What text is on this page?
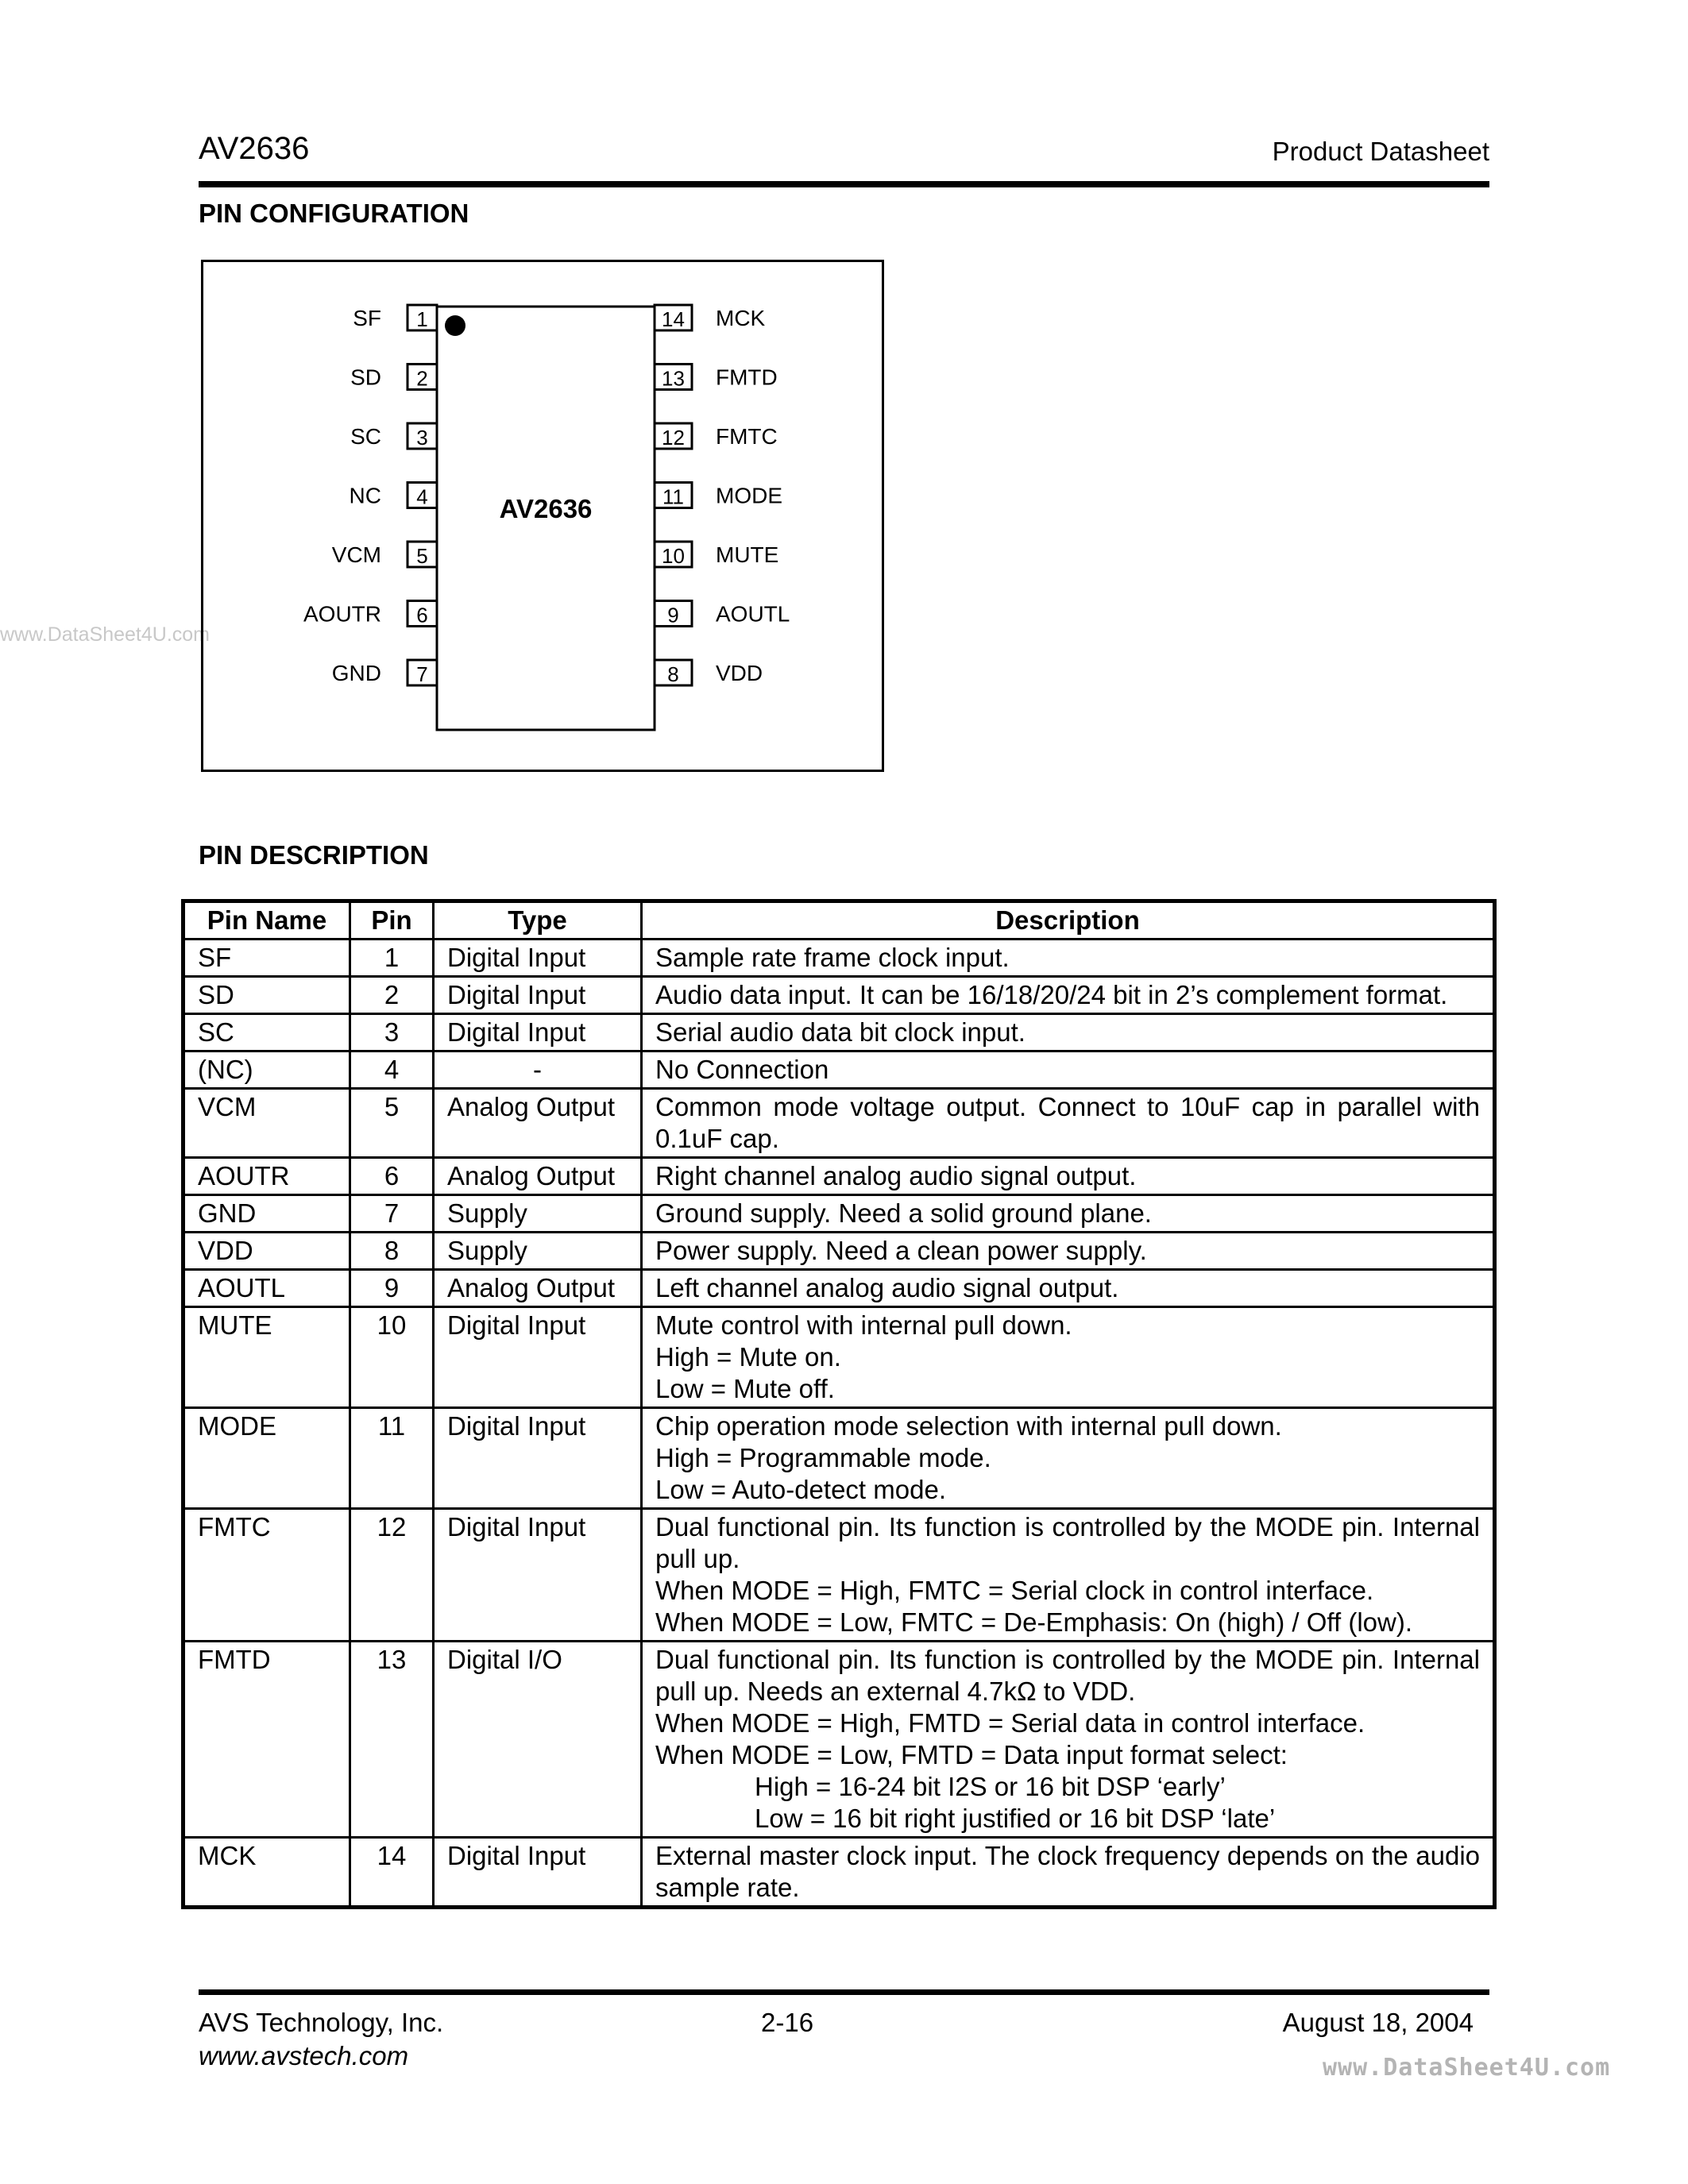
AV2636	Product Datasheet
PIN CONFIGURATION
www.DataSheet4U.com
AV2636
1
SF
2
SD
3
SC
4
NC
5
VCM
6
AOUTR
7
GND
14 MCK
13 FMTD
12 FMTC
11 MODE
10 MUTE
9 AOUTL
8 VDD
PIN DESCRIPTION
Pin Name	Pin	Type	Description
SF	1	Digital Input	Sample rate frame clock input.

SD	2	Digital Input	Audio data input. It can be 16/18/20/24 bit in 2’s complement format.

SC	3	Digital Input	Serial audio data bit clock input.

(NC)	4	-	No Connection

VCM	5	Analog Output	Common mode voltage output. Connect to 10uF cap in parallel with 0.1uF cap.

AOUTR	6	Analog Output	Right channel analog audio signal output.

GND	7	Supply	Ground supply. Need a solid ground plane.

VDD	8	Supply	Power supply. Need a clean power supply.

AOUTL	9	Analog Output	Left channel analog audio signal output.

MUTE	10	Digital Input	Mute control with internal pull down.
High = Mute on.
Low = Mute off.

MODE	11	Digital Input	Chip operation mode selection with internal pull down.
High = Programmable mode.
Low = Auto-detect mode.

FMTC	12	Digital Input	Dual functional pin. Its function is controlled by the MODE pin. Internal pull up.
When MODE = High, FMTC = Serial clock in control interface.
When MODE = Low, FMTC = De-Emphasis: On (high) / Off (low).

FMTD	13	Digital I/O	Dual functional pin. Its function is controlled by the MODE pin. Internal pull up. Needs an external 4.7kΩ to VDD.
When MODE = High, FMTD = Serial data in control interface.
When MODE = Low, FMTD = Data input format select:
High = 16-24 bit I2S or 16 bit DSP ‘early’
Low = 16 bit right justified or 16 bit DSP ‘late’

MCK	14	Digital Input	External master clock input. The clock frequency depends on the audio sample rate.
AVS Technology, Inc.
www.avstech.com
2-16	August 18, 2004
www.DataSheet4U.com
